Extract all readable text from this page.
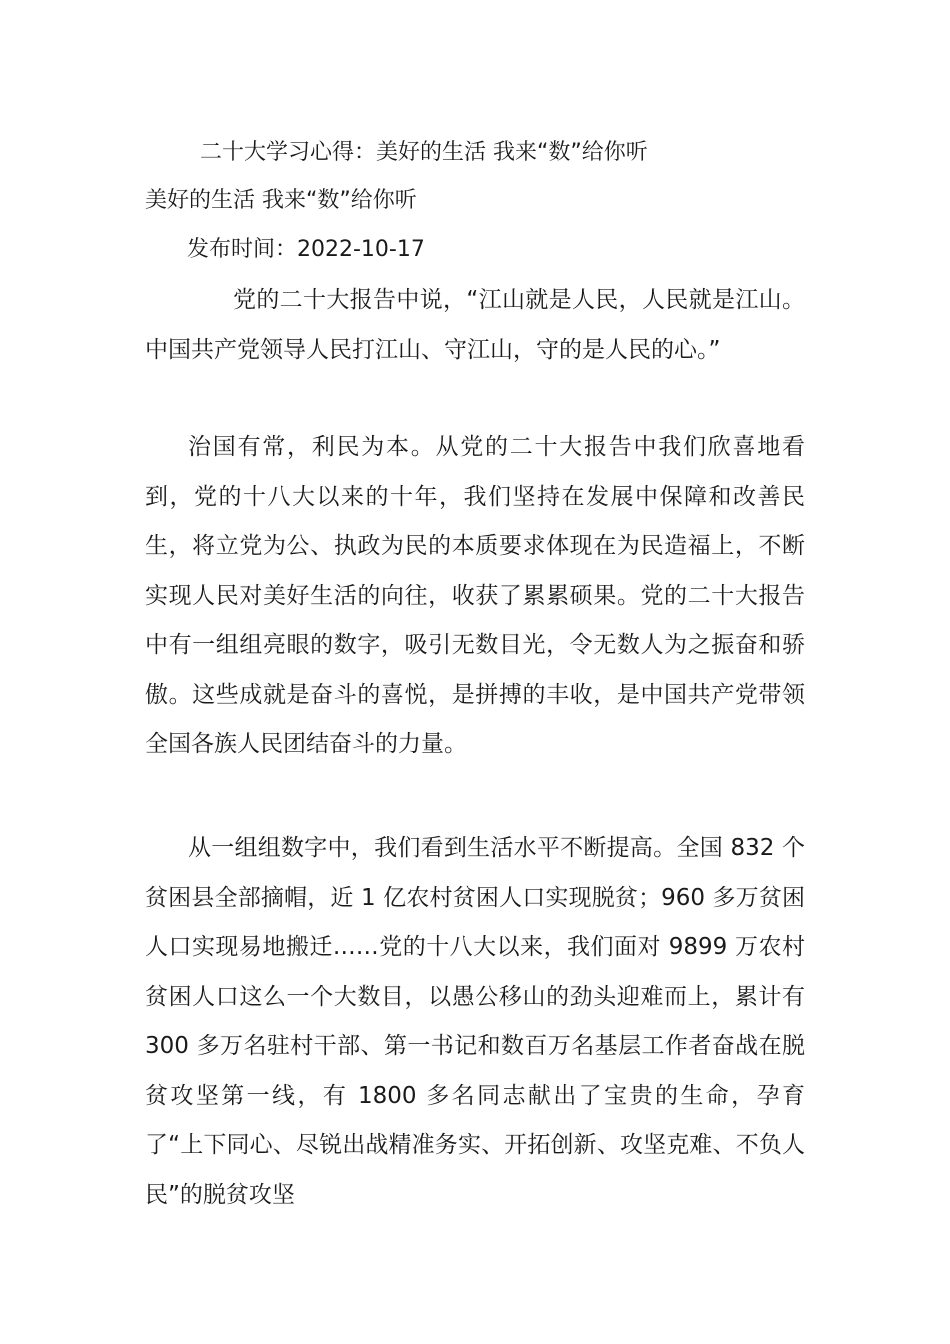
二十大学习心得：美好的生活 我来“数”给你听
美好的生活 我来“数”给你听
发布时间：2022-10-17

党的二十大报告中说，“江山就是人民，人民就是江山。中国共产党领导人民打江山、守江山，守的是人民的心。”

治国有常，利民为本。从党的二十大报告中我们欣喜地看到，党的十八大以来的十年，我们坚持在发展中保障和改善民生，将立党为公、执政为民的本质要求体现在为民造福上，不断实现人民对美好生活的向往，收获了累累硕果。党的二十大报告中有一组组亮眼的数字，吸引无数目光，令无数人为之振奋和骄傲。这些成就是奋斗的喜悦，是拼搏的丰收，是中国共产党带领全国各族人民团结奋斗的力量。

从一组组数字中，我们看到生活水平不断提高。全国 832 个贫困县全部摘帽，近 1 亿农村贫困人口实现脱贫；960 多万贫困人口实现易地搬迁……党的十八大以来，我们面对 9899 万农村贫困人口这么一个大数目，以愚公移山的劲头迎难而上，累计有 300 多万名驻村干部、第一书记和数百万名基层工作者奋战在脱贫攻坚第一线，有 1800 多名同志献出了宝贵的生命，孕育了“上下同心、尽锐出战精准务实、开拓创新、攻坚克难、不负人民”的脱贫攻坚
